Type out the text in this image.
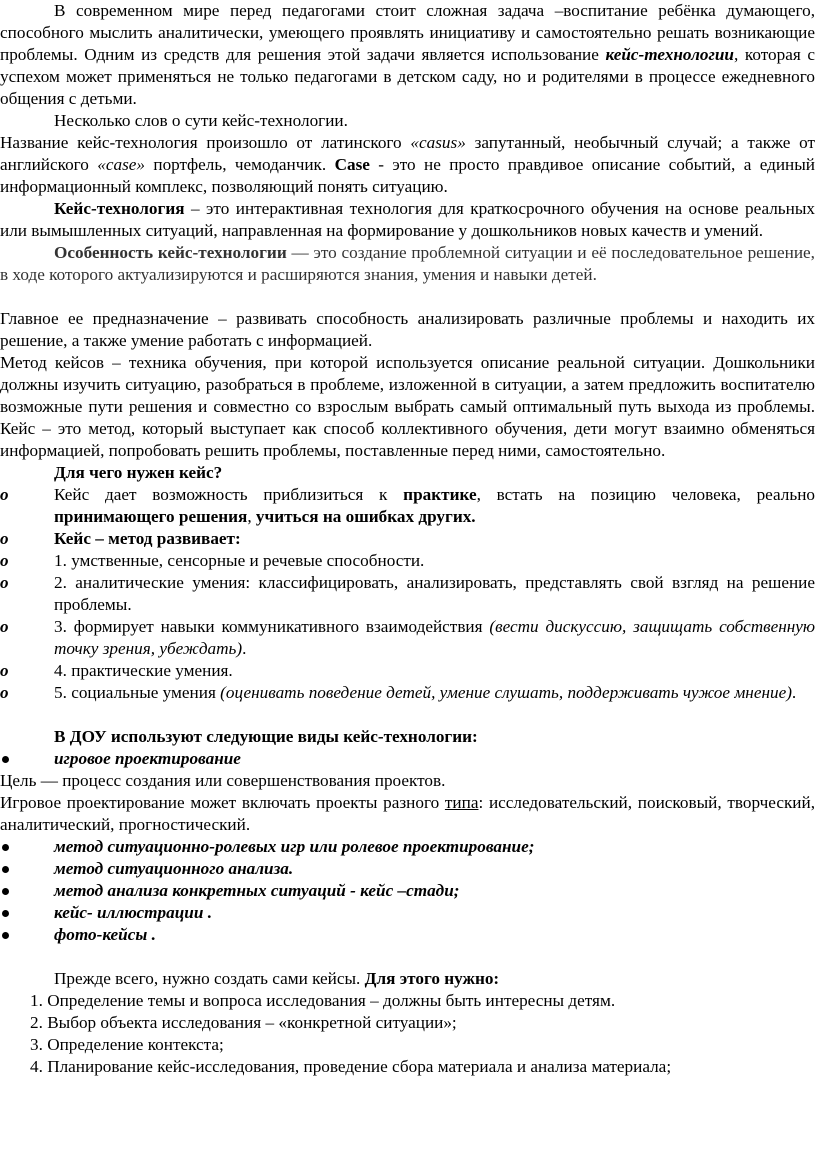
В современном мире перед педагогами стоит сложная задача –воспитание ребёнка думающего, способного мыслить аналитически, умеющего проявлять инициативу и самостоятельно решать возникающие проблемы. Одним из средств для решения этой задачи является использование кейс-технологии, которая с успехом может применяться не только педагогами в детском саду, но и родителями в процессе ежедневного общения с детьми.

Несколько слов о сути кейс-технологии.

Название кейс-технология произошло от латинского «casus» запутанный, необычный случай; а также от английского «case» портфель, чемоданчик. Case - это не просто правдивое описание событий, а единый информационный комплекс, позволяющий понять ситуацию.

Кейс-технология – это интерактивная технология для краткосрочного обучения на основе реальных или вымышленных ситуаций, направленная на формирование у дошкольников новых качеств и умений.

Особенность кейс-технологии — это создание проблемной ситуации и её последовательное решение, в ходе которого актуализируются и расширяются знания, умения и навыки детей.

Главное ее предназначение – развивать способность анализировать различные проблемы и находить их решение, а также умение работать с информацией.

Метод кейсов – техника обучения, при которой используется описание реальной ситуации. Дошкольники должны изучить ситуацию, разобраться в проблеме, изложенной в ситуации, а затем предложить воспитателю возможные пути решения и совместно со взрослым выбрать самый оптимальный путь выхода из проблемы. Кейс – это метод, который выступает как способ коллективного обучения, дети могут взаимно обменяться информацией, попробовать решить проблемы, поставленные перед ними, самостоятельно.

Для чего нужен кейс?

o	Кейс дает возможность приблизиться к практике, встать на позицию человека, реально принимающего решения, учиться на ошибках других.
o	Кейс – метод развивает:
o	1. умственные, сенсорные и речевые способности.
o	2. аналитические умения: классифицировать, анализировать, представлять свой взгляд на решение проблемы.
o	3. формирует навыки коммуникативного взаимодействия (вести дискуссию, защищать собственную точку зрения, убеждать).
o	4. практические умения.
o	5. социальные умения (оценивать поведение детей, умение слушать, поддерживать чужое мнение).

В ДОУ используют следующие виды кейс-технологии:

игровое проектирование

Цель — процесс создания или совершенствования проектов.

Игровое проектирование может включать проекты разного типа: исследовательский, поисковый, творческий, аналитический, прогностический.

метод ситуационно-ролевых игр или ролевое проектирование;
метод ситуационного анализа.
метод анализа конкретных ситуаций - кейс –стади;
кейс- иллюстрации .
фото-кейсы .

Прежде всего, нужно создать сами кейсы. Для этого нужно:

1. Определение темы и вопроса исследования – должны быть интересны детям.
2. Выбор объекта исследования – «конкретной ситуации»;
3. Определение контекста;
4. Планирование кейс-исследования, проведение сбора материала и анализа материала;
